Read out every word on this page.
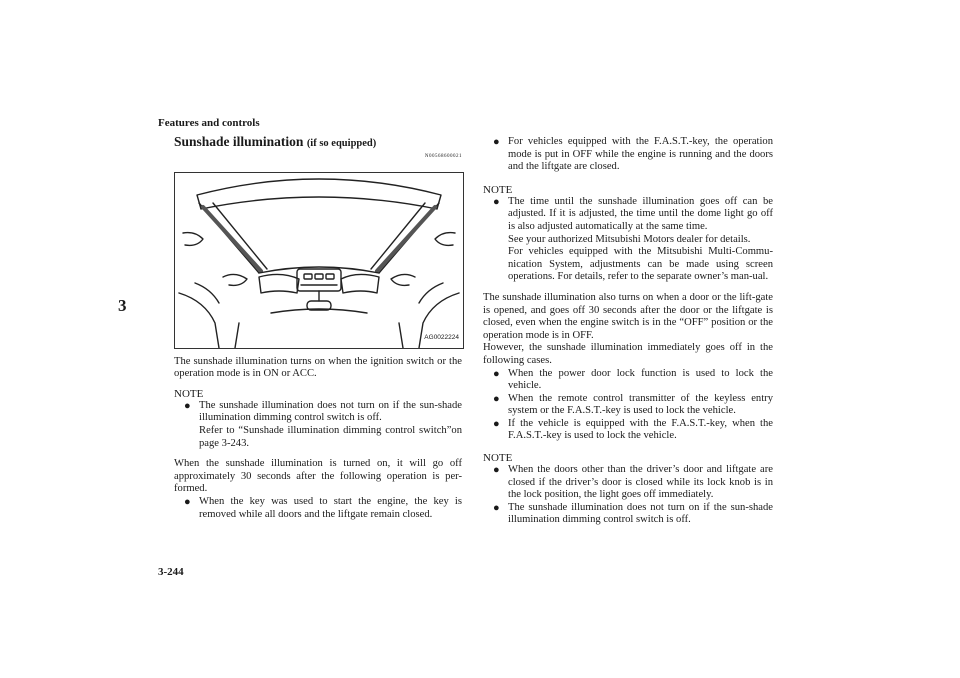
Features and controls
3
Sunshade illumination (if so equipped)
N00568600021
AG0022224

The sunshade illumination turns on when the ignition switch or the operation mode is in ON or ACC.

NOTE

● The sunshade illumination does not turn on if the sun-shade illumination dimming control switch is off.

Refer to “Sunshade illumination dimming control switch”on page 3-243.

When the sunshade illumination is turned on, it will go off approximately 30 seconds after the following operation is per-formed.

● When the key was used to start the engine, the key is removed while all doors and the liftgate remain closed.

● For vehicles equipped with the F.A.S.T.-key, the operation mode is put in OFF while the engine is running and the doors and the liftgate are closed.

NOTE

● The time until the sunshade illumination goes off can be adjusted. If it is adjusted, the time until the dome light go off is also adjusted automatically at the same time.

See your authorized Mitsubishi Motors dealer for details.

For vehicles equipped with the Mitsubishi Multi-Commu-nication System, adjustments can be made using screen operations. For details, refer to the separate owner’s man-ual.

The sunshade illumination also turns on when a door or the lift-gate is opened, and goes off 30 seconds after the door or the liftgate is closed, even when the engine switch is in the “OFF” position or the operation mode is in OFF.

However, the sunshade illumination immediately goes off in the following cases.

● When the power door lock function is used to lock the vehicle.

● When the remote control transmitter of the keyless entry system or the F.A.S.T.-key is used to lock the vehicle.

● If the vehicle is equipped with the F.A.S.T.-key, when the F.A.S.T.-key is used to lock the vehicle.

NOTE

● When the doors other than the driver’s door and liftgate are closed if the driver’s door is closed while its lock knob is in the lock position, the light goes off immediately.

● The sunshade illumination does not turn on if the sun-shade illumination dimming control switch is off.

3-244
